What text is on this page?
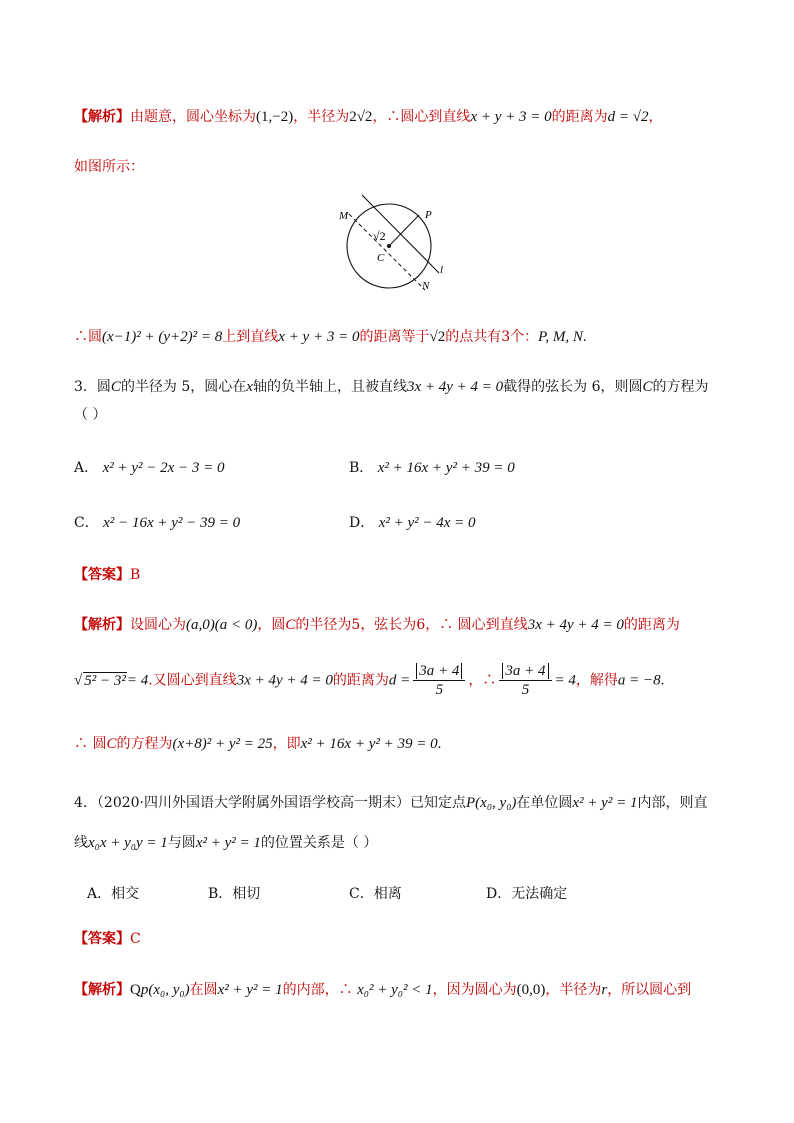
【解析】由题意，圆心坐标为(1,−2)，半径为2√2，∴圆心到直线x + y + 3 = 0的距离为d = √2，
如图所示：
M	P
√2
C
l
N
∴圆(x−1)² + (y+2)² = 8上到直线x + y + 3 = 0的距离等于√2的点共有3个：P, M, N.
3．圆C的半径为 5，圆心在x轴的负半轴上，且被直线3x + 4y + 4 = 0截得的弦长为 6，则圆C的方程为
（ ）
A． x² + y² − 2x − 3 = 0	B． x² + 16x + y² + 39 = 0
C． x² − 16x + y² − 39 = 0	D． x² + y² − 4x = 0
【答案】B
【解析】设圆心为(a,0)(a < 0)，圆C的半径为5，弦长为6，∴ 圆心到直线3x + 4y + 4 = 0的距离为
√ 5² − 3²= 4.又圆心到直线3x + 4y + 4 = 0的距离为$d = \frac{3a + 4}{5}$ ，∴ $\frac{3a + 4}{5} = 4$，解得a = −8.
∴ 圆C的方程为(x+8)² + y² = 25，即x² + 16x + y² + 39 = 0.
4．（2020·四川外国语大学附属外国语学校高一期末）已知定点P(x₀, y₀)在单位圆x² + y² = 1内部，则直
线x₀x + y₀y = 1与圆x² + y² = 1的位置关系是（ ）
A．相交	B．相切	C．相离	D．无法确定
【答案】C
【解析】Qp(x₀, y₀)在圆x² + y² = 1的内部，∴ x₀² + y₀² < 1，因为圆心为(0,0)，半径为r，所以圆心到
